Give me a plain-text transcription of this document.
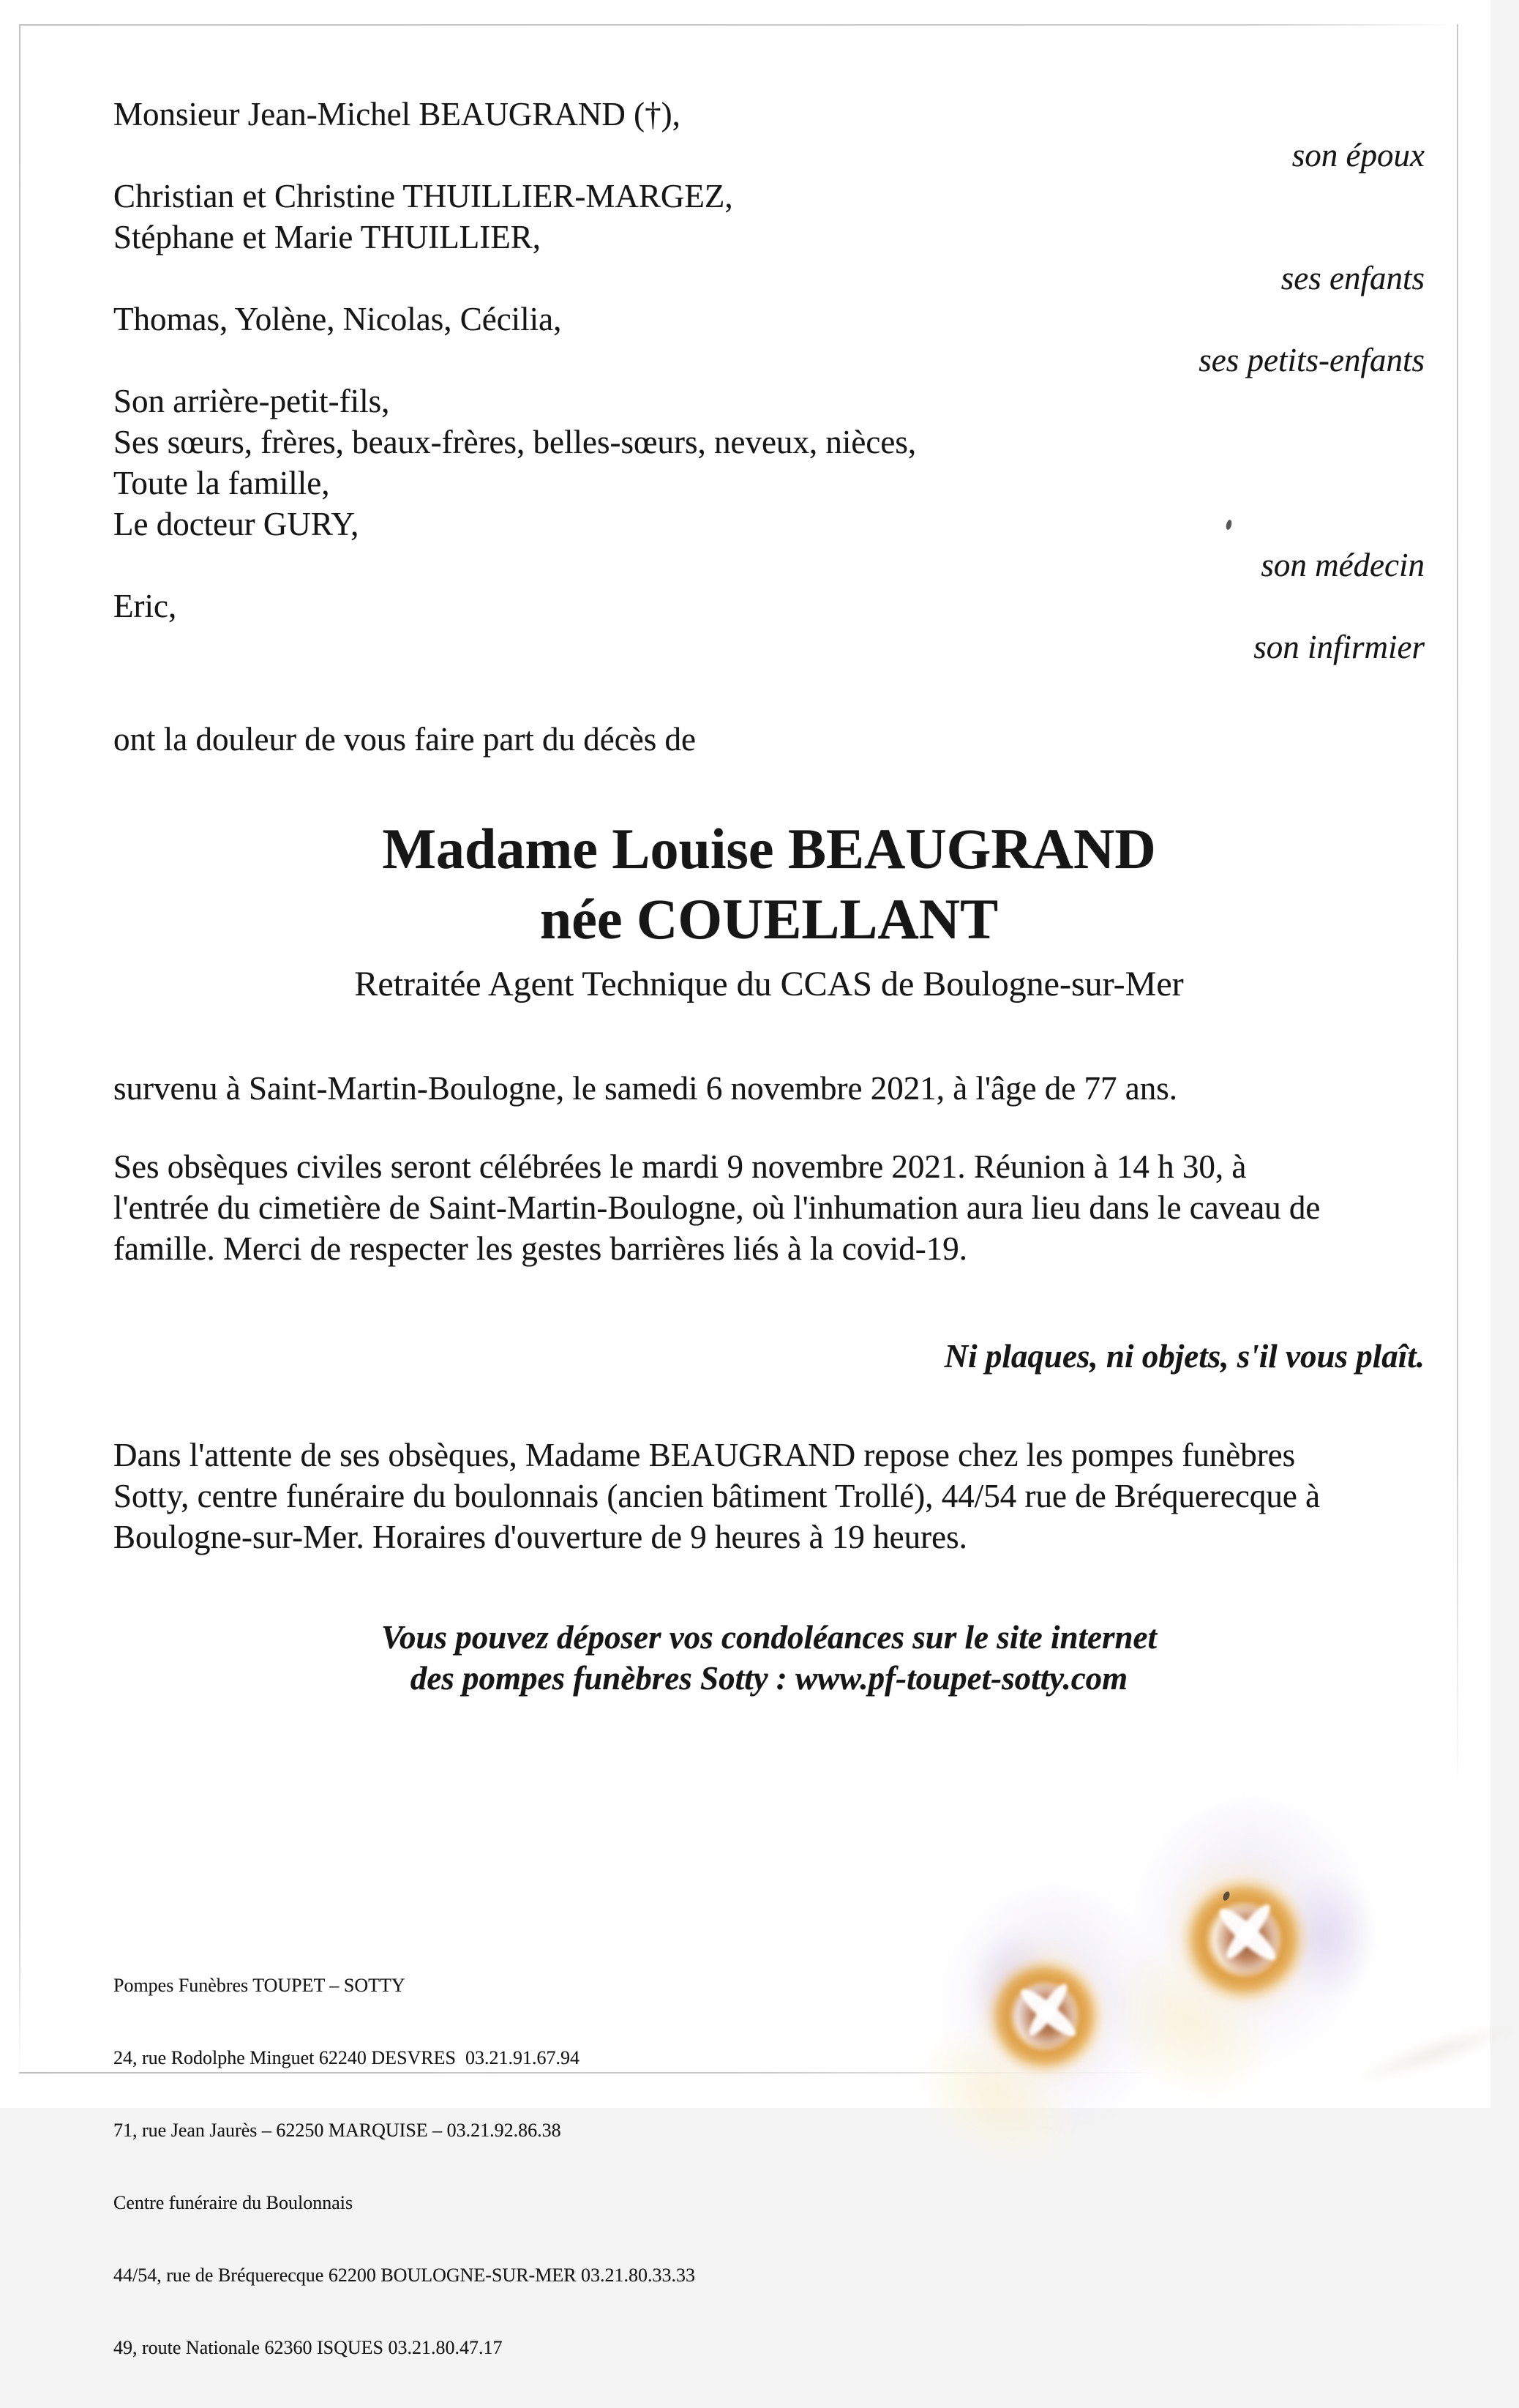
Monsieur Jean-Michel BEAUGRAND (†),
son époux
Christian et Christine THUILLIER-MARGEZ,
Stéphane et Marie THUILLIER,
ses enfants
Thomas, Yolène, Nicolas, Cécilia,
ses petits-enfants
Son arrière-petit-fils,
Ses sœurs, frères, beaux-frères, belles-sœurs, neveux, nièces,
Toute la famille,
Le docteur GURY,
son médecin
Eric,
son infirmier
ont la douleur de vous faire part du décès de
Madame Louise BEAUGRAND
née COUELLANT
Retraitée Agent Technique du CCAS de Boulogne-sur-Mer
survenu à Saint-Martin-Boulogne, le samedi 6 novembre 2021, à l'âge de 77 ans.
Ses obsèques civiles seront célébrées le mardi 9 novembre 2021. Réunion à 14 h 30, à
l'entrée du cimetière de Saint-Martin-Boulogne, où l'inhumation aura lieu dans le caveau de
famille. Merci de respecter les gestes barrières liés à la covid-19.
Ni plaques, ni objets, s'il vous plaît.
Dans l'attente de ses obsèques, Madame BEAUGRAND repose chez les pompes funèbres
Sotty, centre funéraire du boulonnais (ancien bâtiment Trollé), 44/54 rue de Bréquerecque à
Boulogne-sur-Mer. Horaires d'ouverture de 9 heures à 19 heures.
Vous pouvez déposer vos condoléances sur le site internet
des pompes funèbres Sotty : www.pf-toupet-sotty.com

Pompes Funèbres TOUPET – SOTTY

24, rue Rodolphe Minguet 62240 DESVRES  03.21.91.67.94

71, rue Jean Jaurès – 62250 MARQUISE – 03.21.92.86.38

Centre funéraire du Boulonnais

44/54, rue de Bréquerecque 62200 BOULOGNE-SUR-MER 03.21.80.33.33

49, route Nationale 62360 ISQUES 03.21.80.47.17
